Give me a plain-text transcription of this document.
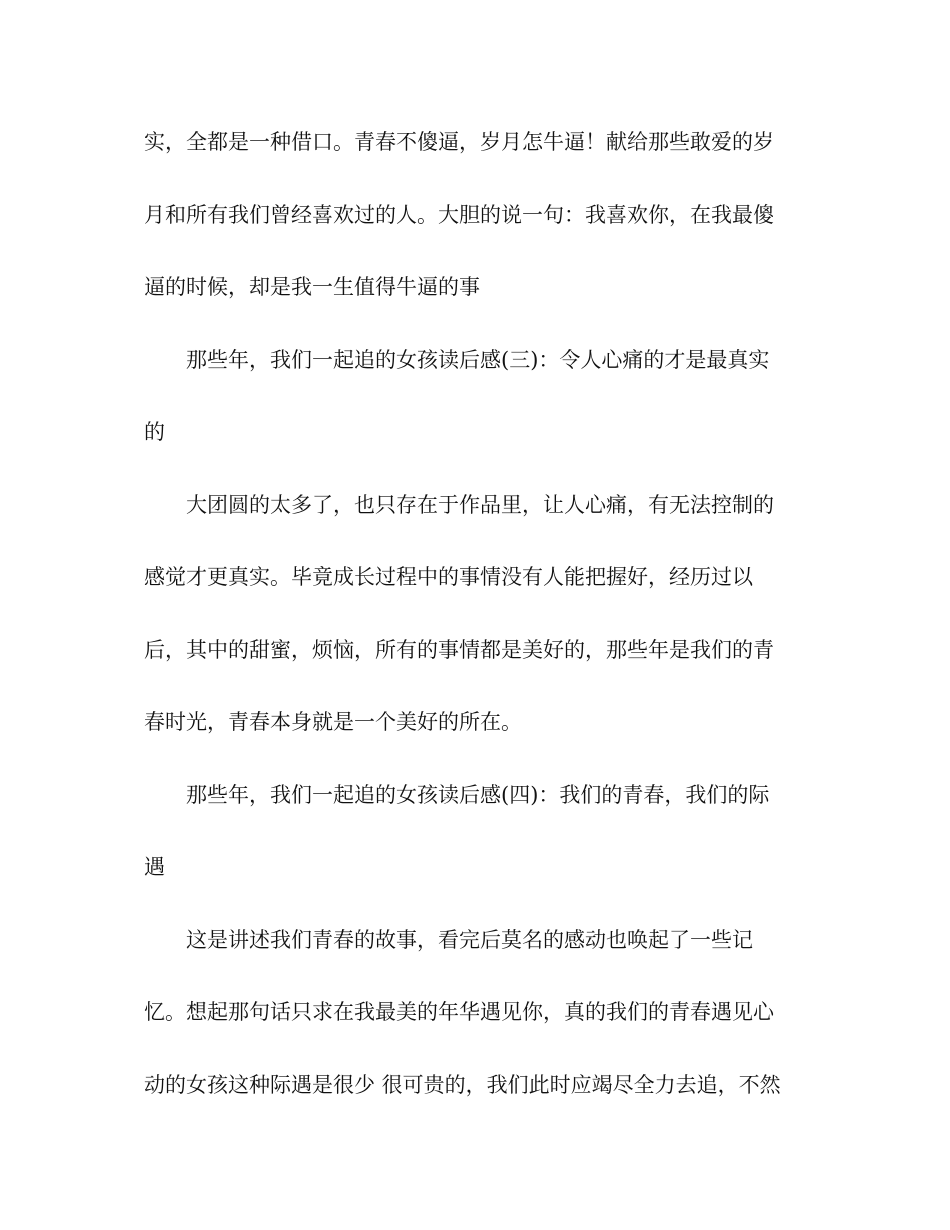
实，全都是一种借口。青春不傻逼，岁月怎牛逼！献给那些敢爱的岁
月和所有我们曾经喜欢过的人。大胆的说一句：我喜欢你，在我最傻
逼的时候，却是我一生值得牛逼的事
那些年，我们一起追的女孩读后感(三)：令人心痛的才是最真实
的
大团圆的太多了，也只存在于作品里，让人心痛，有无法控制的
感觉才更真实。毕竟成长过程中的事情没有人能把握好，经历过以
后，其中的甜蜜，烦恼，所有的事情都是美好的，那些年是我们的青
春时光，青春本身就是一个美好的所在。
那些年，我们一起追的女孩读后感(四)：我们的青春，我们的际
遇
这是讲述我们青春的故事，看完后莫名的感动也唤起了一些记
忆。想起那句话只求在我最美的年华遇见你，真的我们的青春遇见心
动的女孩这种际遇是很少 很可贵的，我们此时应竭尽全力去追，不然
